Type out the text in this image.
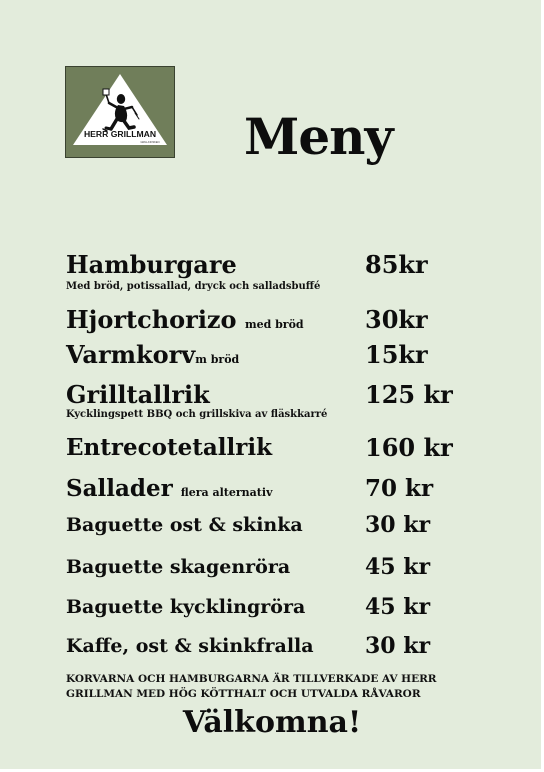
HERR GRILLMAN
GRILLKIOSKEN Meny
Hamburgare	85kr
Med bröd, potissallad, dryck och salladsbuffé
Hjortchorizo med bröd	30kr
Varmkorvm bröd	15kr
Grilltallrik	125 kr
Kycklingspett BBQ och grillskiva av fläskkarré
Entrecotetallrik	160 kr
Sallader flera alternativ	70 kr
Baguette ost & skinka	30 kr
Baguette skagenröra	45 kr
Baguette kycklingröra	45 kr
Kaffe, ost & skinkfralla 30 kr
KORVARNA OCH HAMBURGARNA ÄR TILLVERKADE AV HERR GRILLMAN MED HÖG KÖTTHALT OCH UTVALDA RÅVAROR
Välkomna!
